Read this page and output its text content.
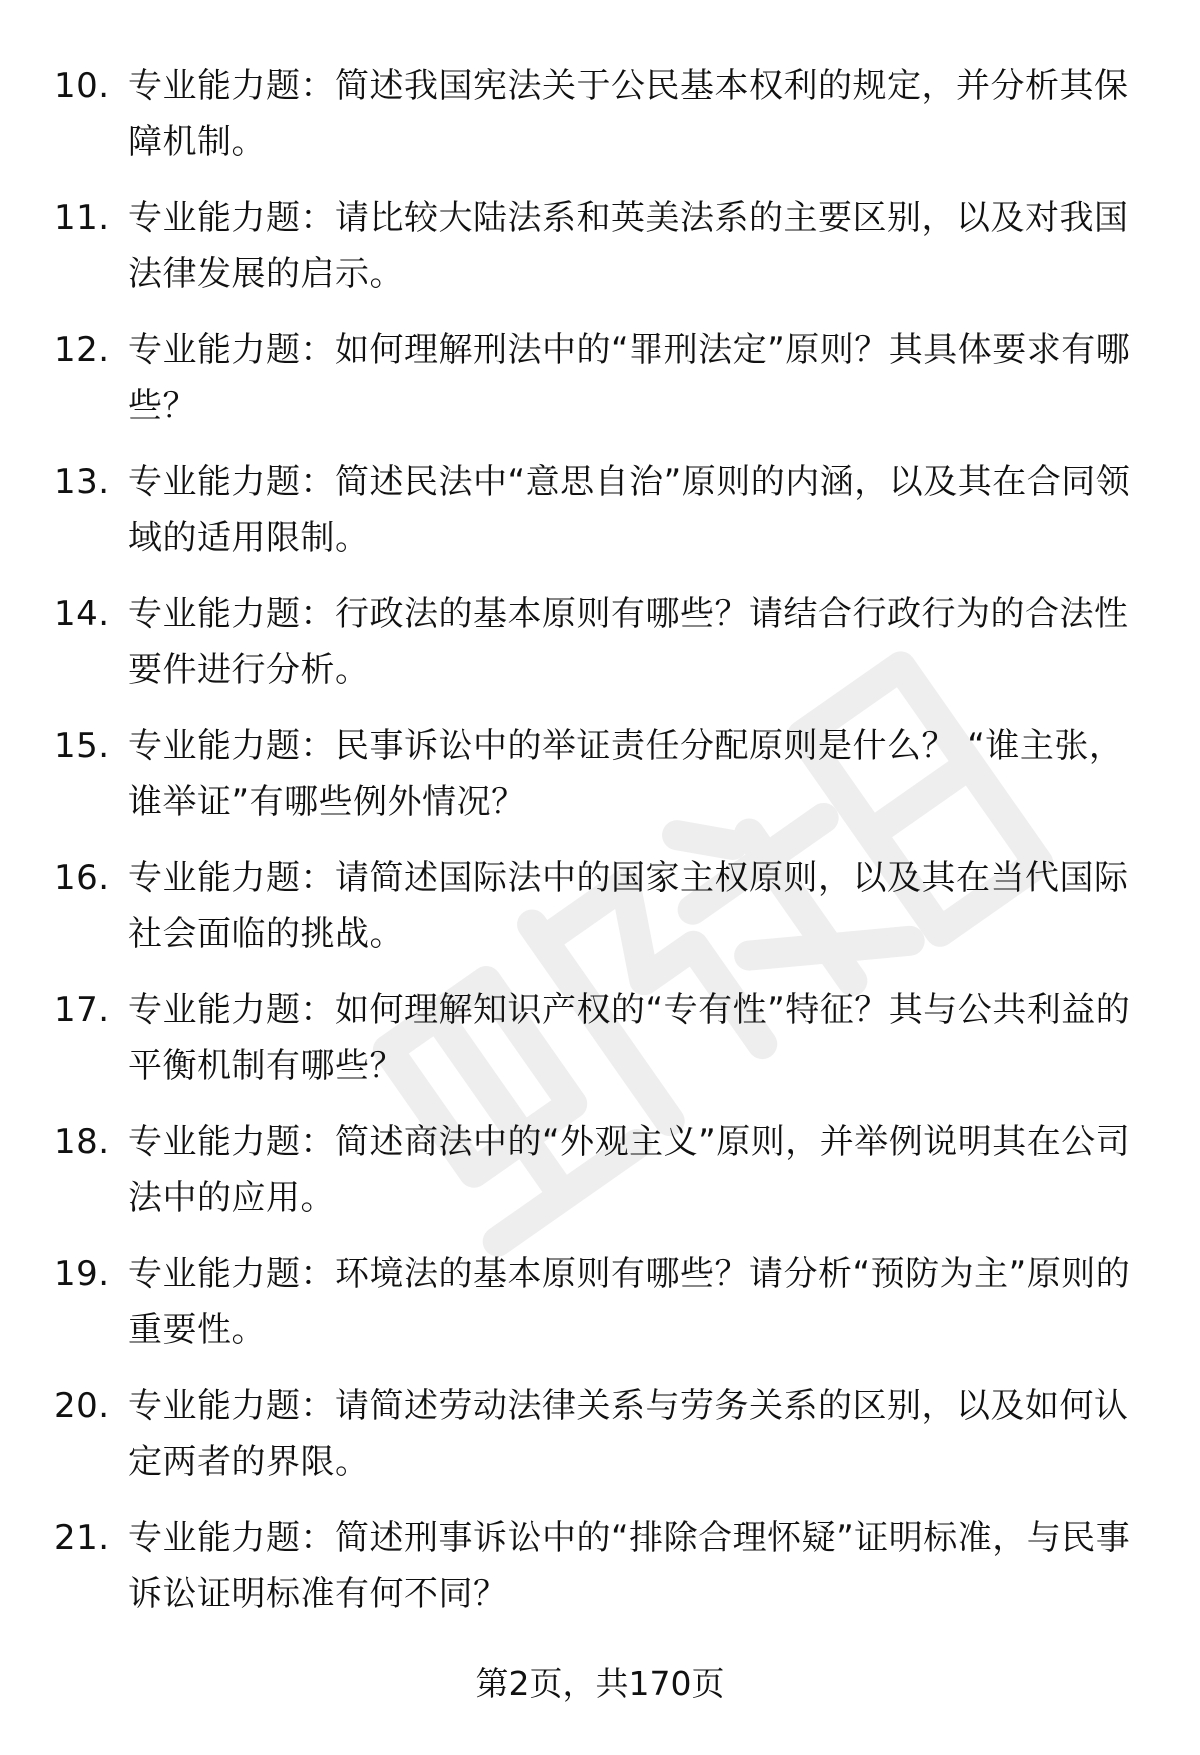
10. 专业能力题：简述我国宪法关于公民基本权利的规定，并分析其保障机制。
11. 专业能力题：请比较大陆法系和英美法系的主要区别，以及对我国法律发展的启示。
12. 专业能力题：如何理解刑法中的“罪刑法定”原则？其具体要求有哪些？
13. 专业能力题：简述民法中“意思自治”原则的内涵，以及其在合同领域的适用限制。
14. 专业能力题：行政法的基本原则有哪些？请结合行政行为的合法性要件进行分析。
15. 专业能力题：民事诉讼中的举证责任分配原则是什么？ “谁主张，谁举证”有哪些例外情况？
16. 专业能力题：请简述国际法中的国家主权原则，以及其在当代国际社会面临的挑战。
17. 专业能力题：如何理解知识产权的“专有性”特征？其与公共利益的平衡机制有哪些？
18. 专业能力题：简述商法中的“外观主义”原则，并举例说明其在公司法中的应用。
19. 专业能力题：环境法的基本原则有哪些？请分析“预防为主”原则的重要性。
20. 专业能力题：请简述劳动法律关系与劳务关系的区别，以及如何认定两者的界限。
21. 专业能力题：简述刑事诉讼中的“排除合理怀疑”证明标准，与民事诉讼证明标准有何不同？
第2页，共170页
